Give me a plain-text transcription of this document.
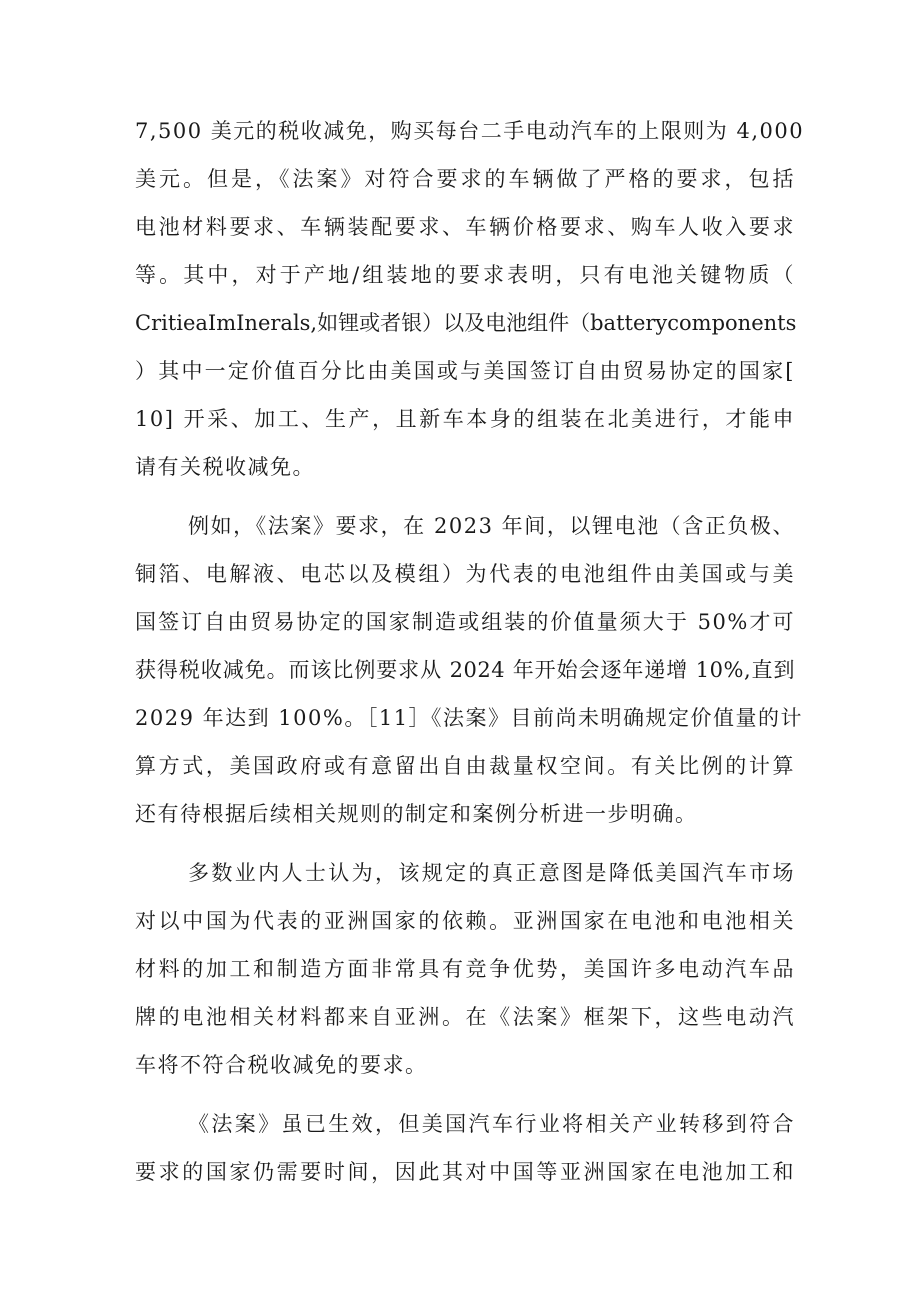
7,500 美元的税收减免，购买每台二手电动汽车的上限则为 4,000
美元。但是，《法案》对符合要求的车辆做了严格的要求，包括
电池材料要求、车辆装配要求、车辆价格要求、购车人收入要求
等。其中，对于产地/组装地的要求表明，只有电池关键物质（
CritieaImInerals,如锂或者银）以及电池组件（batterycomponents
）其中一定价值百分比由美国或与美国签订自由贸易协定的国家[
10] 开采、加工、生产，且新车本身的组装在北美进行，才能申
请有关税收减免。
例如，《法案》要求，在 2023 年间，以锂电池（含正负极、
铜箔、电解液、电芯以及模组）为代表的电池组件由美国或与美
国签订自由贸易协定的国家制造或组装的价值量须大于 50%才可
获得税收减免。而该比例要求从 2024 年开始会逐年递增 10%,直到
2029 年达到 100%。［11］《法案》目前尚未明确规定价值量的计
算方式，美国政府或有意留出自由裁量权空间。有关比例的计算
还有待根据后续相关规则的制定和案例分析进一步明确。
多数业内人士认为，该规定的真正意图是降低美国汽车市场
对以中国为代表的亚洲国家的依赖。亚洲国家在电池和电池相关
材料的加工和制造方面非常具有竞争优势，美国许多电动汽车品
牌的电池相关材料都来自亚洲。在《法案》框架下，这些电动汽
车将不符合税收减免的要求。
《法案》虽已生效，但美国汽车行业将相关产业转移到符合
要求的国家仍需要时间，因此其对中国等亚洲国家在电池加工和
